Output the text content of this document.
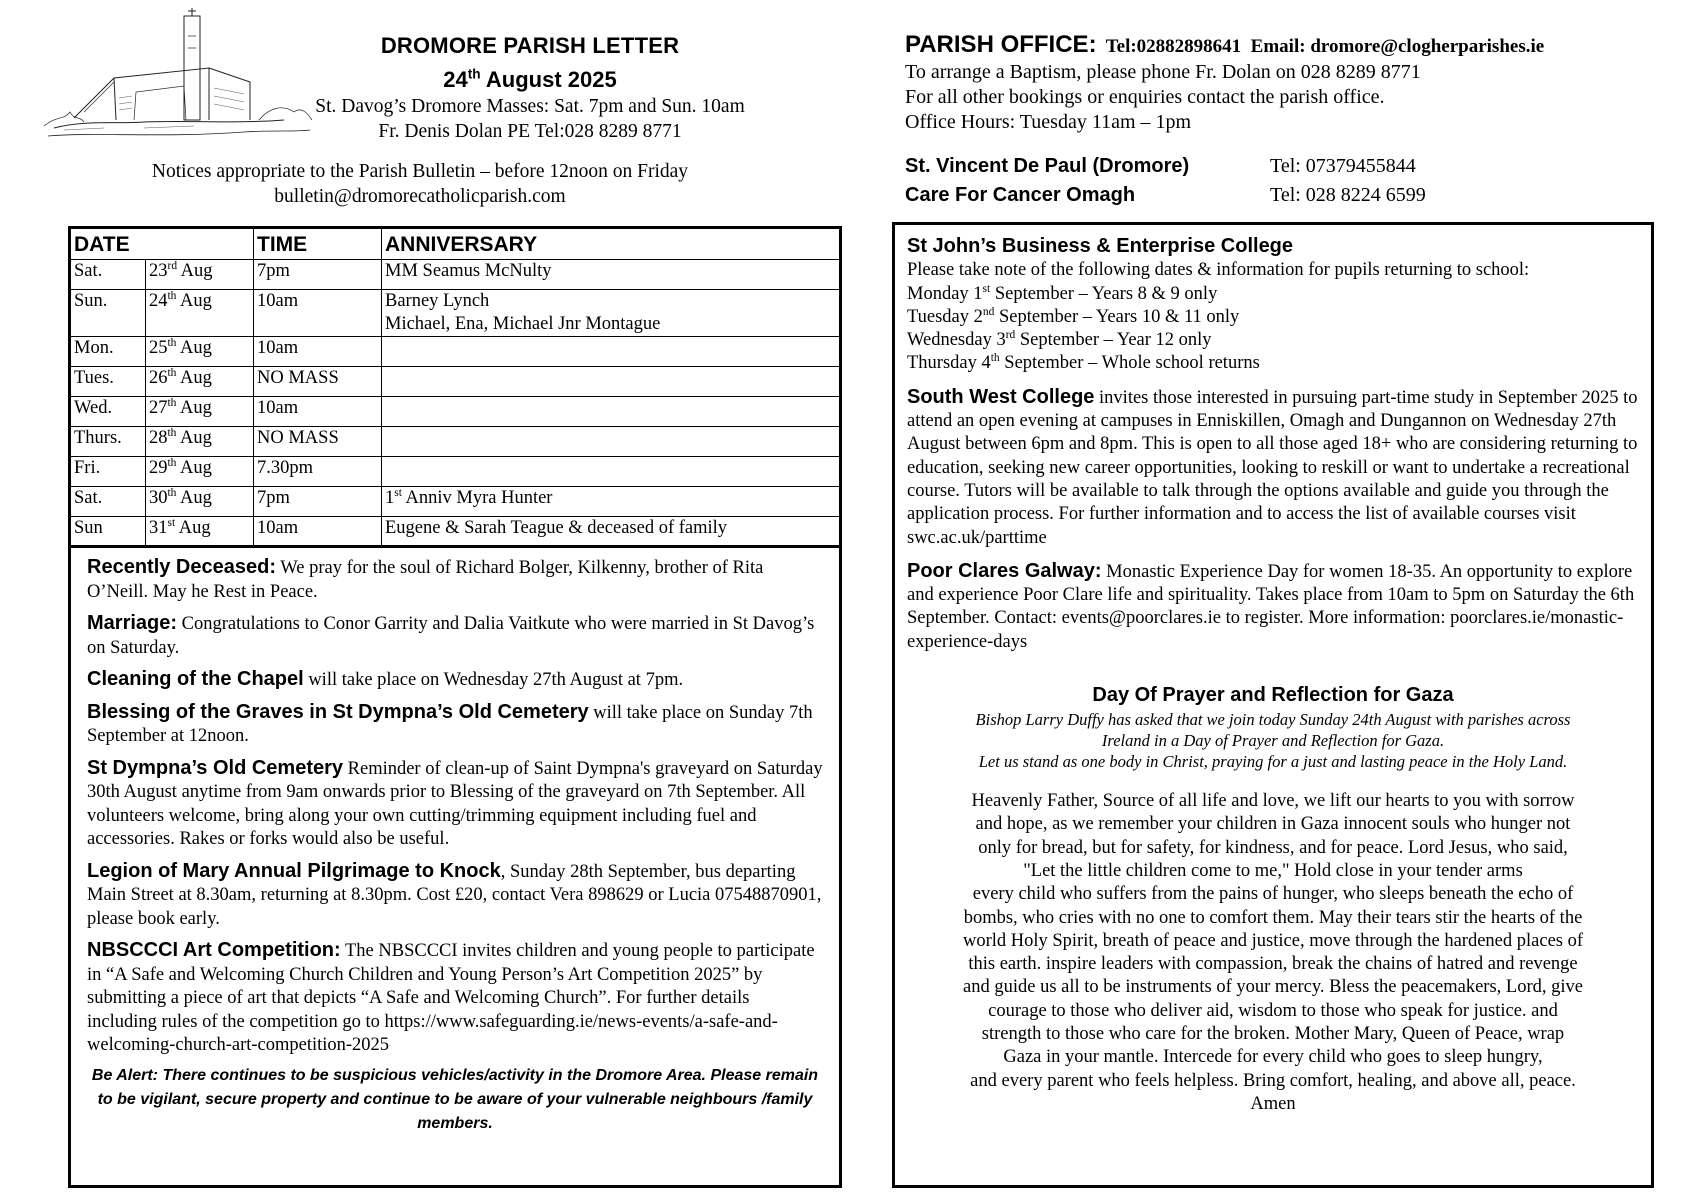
DROMORE PARISH LETTER
24th August 2025
St. Davog’s Dromore Masses: Sat. 7pm and Sun. 10am
Fr. Denis Dolan PE Tel:028 8289 8771
Notices appropriate to the Parish Bulletin – before 12noon on Friday
bulletin@dromorecatholicparish.com
DATE		TIME	ANNIVERSARY
Sat.	23rd Aug	7pm	MM Seamus McNulty

Sun.	24th Aug	10am	Barney Lynch
Michael, Ena, Michael Jnr Montague

Mon.	25th Aug	10am	
Tues.	26th Aug	NO MASS	
Wed.	27th Aug	10am	
Thurs.	28th Aug	NO MASS	
Fri.	29th Aug	7.30pm	
Sat.	30th Aug	7pm	1st Anniv Myra Hunter
Sun	31st Aug	10am	Eugene & Sarah Teague & deceased of family
Recently Deceased: We pray for the soul of Richard Bolger, Kilkenny, brother of Rita O’Neill. May he Rest in Peace.
Marriage: Congratulations to Conor Garrity and Dalia Vaitkute who were married in St Davog’s on Saturday.
Cleaning of the Chapel will take place on Wednesday 27th August at 7pm.
Blessing of the Graves in St Dympna’s Old Cemetery will take place on Sunday 7th September at 12noon.
St Dympna’s Old Cemetery Reminder of clean-up of Saint Dympna's graveyard on Saturday 30th August anytime from 9am onwards prior to Blessing of the graveyard on 7th September. All volunteers welcome, bring along your own cutting/trimming equipment including fuel and accessories. Rakes or forks would also be useful.
Legion of Mary Annual Pilgrimage to Knock, Sunday 28th September, bus departing Main Street at 8.30am, returning at 8.30pm. Cost £20, contact Vera 898629 or Lucia 07548870901, please book early.
NBSCCCI Art Competition: The NBSCCCI invites children and young people to participate in “A Safe and Welcoming Church Children and Young Person’s Art Competition 2025” by submitting a piece of art that depicts “A Safe and Welcoming Church”. For further details including rules of the competition go to https://www.safeguarding.ie/news-events/a-safe-and-welcoming-church-art-competition-2025
Be Alert: There continues to be suspicious vehicles/activity in the Dromore Area. Please remain to be vigilant, secure property and continue to be aware of your vulnerable neighbours /family members.
PARISH OFFICE:  Tel:02882898641  Email: dromore@clogherparishes.ie
To arrange a Baptism, please phone Fr. Dolan on 028 8289 8771
For all other bookings or enquiries contact the parish office.
Office Hours: Tuesday 11am – 1pm
St. Vincent De Paul (Dromore)	Tel: 07379455844
Care For Cancer Omagh	Tel: 028 8224 6599
St John’s Business & Enterprise College
Please take note of the following dates & information for pupils returning to school:
Monday 1st September – Years 8 & 9 only
Tuesday 2nd September – Years 10 & 11 only
Wednesday 3rd September – Year 12 only
Thursday 4th September – Whole school returns
South West College invites those interested in pursuing part-time study in September 2025 to attend an open evening at campuses in Enniskillen, Omagh and Dungannon on Wednesday 27th August between 6pm and 8pm. This is open to all those aged 18+ who are considering returning to education, seeking new career opportunities, looking to reskill or want to undertake a recreational course. Tutors will be available to talk through the options available and guide you through the application process. For further information and to access the list of available courses visit swc.ac.uk/parttime
Poor Clares Galway: Monastic Experience Day for women 18-35. An opportunity to explore and experience Poor Clare life and spirituality. Takes place from 10am to 5pm on Saturday the 6th September. Contact: events@poorclares.ie to register. More information: poorclares.ie/monastic-experience-days
Day Of Prayer and Reflection for Gaza
Bishop Larry Duffy has asked that we join today Sunday 24th August with parishes across
Ireland in a Day of Prayer and Reflection for Gaza.
Let us stand as one body in Christ, praying for a just and lasting peace in the Holy Land.
Heavenly Father, Source of all life and love, we lift our hearts to you with sorrow
and hope, as we remember your children in Gaza innocent souls who hunger not
only for bread, but for safety, for kindness, and for peace. Lord Jesus, who said,
"Let the little children come to me," Hold close in your tender arms
every child who suffers from the pains of hunger, who sleeps beneath the echo of
bombs, who cries with no one to comfort them. May their tears stir the hearts of the
world Holy Spirit, breath of peace and justice, move through the hardened places of
this earth. inspire leaders with compassion, break the chains of hatred and revenge
and guide us all to be instruments of your mercy. Bless the peacemakers, Lord, give
courage to those who deliver aid, wisdom to those who speak for justice. and
strength to those who care for the broken. Mother Mary, Queen of Peace, wrap
Gaza in your mantle. Intercede for every child who goes to sleep hungry,
and every parent who feels helpless. Bring comfort, healing, and above all, peace.
Amen
